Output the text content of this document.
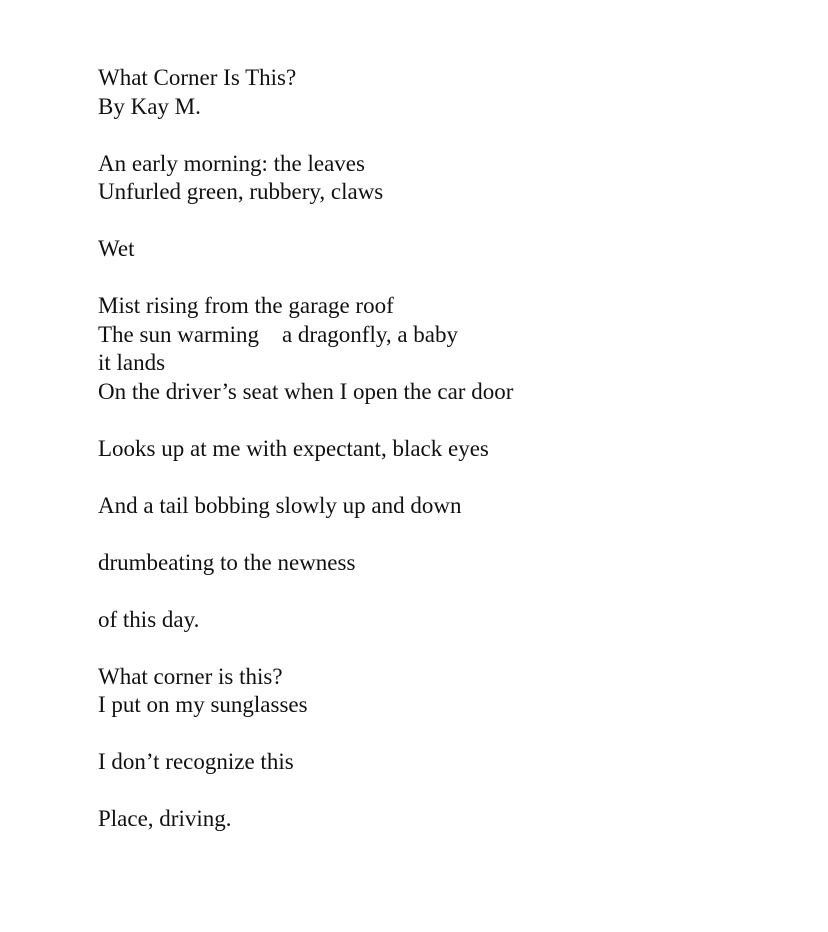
What Corner Is This?
By Kay M.
An early morning: the leaves
Unfurled green, rubbery, claws
Wet
Mist rising from the garage roof
The sun warming    a dragonfly, a baby
it lands
On the driver’s seat when I open the car door
Looks up at me with expectant, black eyes
And a tail bobbing slowly up and down
drumbeating to the newness
of this day.
What corner is this?
I put on my sunglasses
I don’t recognize this
Place, driving.
